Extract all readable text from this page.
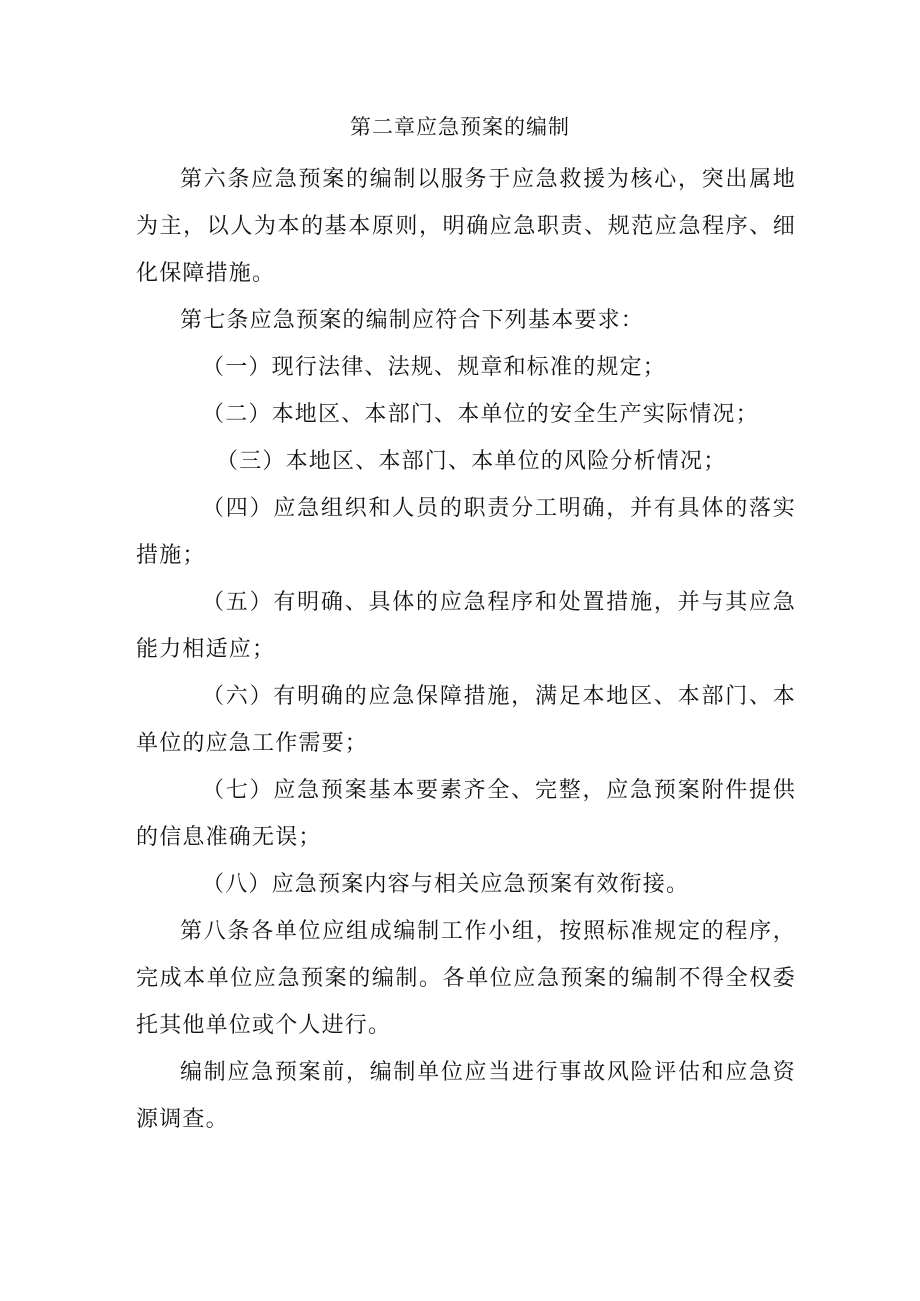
第二章应急预案的编制

第六条应急预案的编制以服务于应急救援为核心，突出属地为主，以人为本的基本原则，明确应急职责、规范应急程序、细化保障措施。

第七条应急预案的编制应符合下列基本要求：

（一）现行法律、法规、规章和标准的规定；

（二）本地区、本部门、本单位的安全生产实际情况；

（三）本地区、本部门、本单位的风险分析情况；

（四）应急组织和人员的职责分工明确，并有具体的落实措施；

（五）有明确、具体的应急程序和处置措施，并与其应急能力相适应；

（六）有明确的应急保障措施，满足本地区、本部门、本单位的应急工作需要；

（七）应急预案基本要素齐全、完整，应急预案附件提供的信息准确无误；

（八）应急预案内容与相关应急预案有效衔接。

第八条各单位应组成编制工作小组，按照标准规定的程序，完成本单位应急预案的编制。各单位应急预案的编制不得全权委托其他单位或个人进行。

编制应急预案前，编制单位应当进行事故风险评估和应急资源调查。
